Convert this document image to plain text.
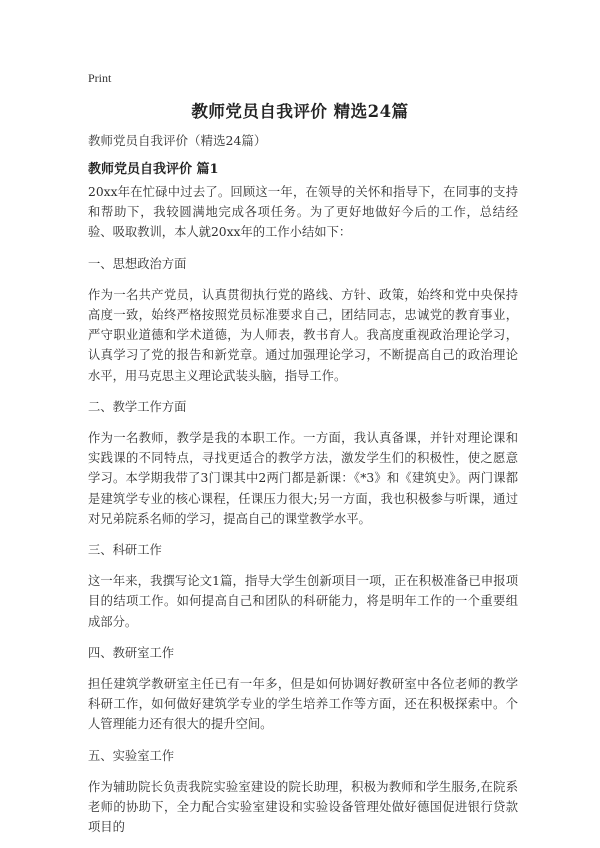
Print
教师党员自我评价 精选24篇
教师党员自我评价（精选24篇）
教师党员自我评价 篇1

20xx年在忙碌中过去了。回顾这一年，在领导的关怀和指导下，在同事的支持和帮助下，我较圆满地完成各项任务。为了更好地做好今后的工作，总结经验、吸取教训，本人就20xx年的工作小结如下：

一、思想政治方面

作为一名共产党员，认真贯彻执行党的路线、方针、政策，始终和党中央保持高度一致，始终严格按照党员标准要求自己，团结同志，忠诚党的教育事业，严守职业道德和学术道德，为人师表，教书育人。我高度重视政治理论学习，认真学习了党的报告和新党章。通过加强理论学习，不断提高自己的政治理论水平，用马克思主义理论武装头脑，指导工作。

二、教学工作方面

作为一名教师，教学是我的本职工作。一方面，我认真备课，并针对理论课和实践课的不同特点，寻找更适合的教学方法，激发学生们的积极性，使之愿意学习。本学期我带了3门课其中2两门都是新课：《*3》和《建筑史》。两门课都是建筑学专业的核心课程，任课压力很大;另一方面，我也积极参与听课，通过对兄弟院系名师的学习，提高自己的课堂教学水平。

三、科研工作

这一年来，我撰写论文1篇，指导大学生创新项目一项，正在积极准备已申报项目的结项工作。如何提高自己和团队的科研能力，将是明年工作的一个重要组成部分。

四、教研室工作

担任建筑学教研室主任已有一年多，但是如何协调好教研室中各位老师的教学科研工作，如何做好建筑学专业的学生培养工作等方面，还在积极探索中。个人管理能力还有很大的提升空间。

五、实验室工作

作为辅助院长负责我院实验室建设的院长助理，积极为教师和学生服务,在院系老师的协助下，全力配合实验室建设和实验设备管理处做好德国促进银行贷款项目的
